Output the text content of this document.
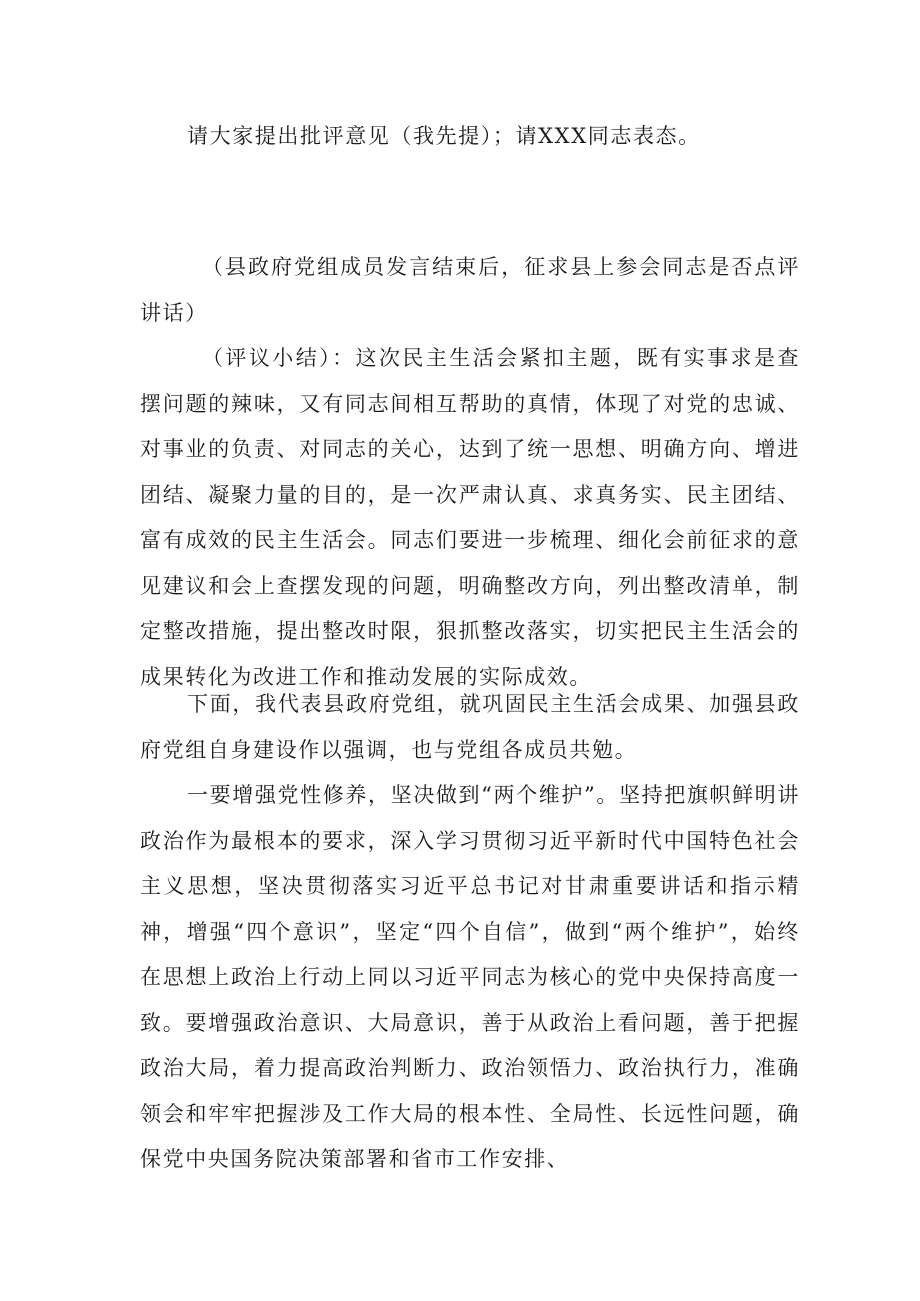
请大家提出批评意见（我先提）；请XXX同志表态。

（县政府党组成员发言结束后，征求县上参会同志是否点评讲话）

（评议小结）：这次民主生活会紧扣主题，既有实事求是查摆问题的辣味，又有同志间相互帮助的真情，体现了对党的忠诚、对事业的负责、对同志的关心，达到了统一思想、明确方向、增进团结、凝聚力量的目的，是一次严肃认真、求真务实、民主团结、富有成效的民主生活会。同志们要进一步梳理、细化会前征求的意见建议和会上查摆发现的问题，明确整改方向，列出整改清单，制定整改措施，提出整改时限，狠抓整改落实，切实把民主生活会的成果转化为改进工作和推动发展的实际成效。

下面，我代表县政府党组，就巩固民主生活会成果、加强县政府党组自身建设作以强调，也与党组各成员共勉。

一要增强党性修养，坚决做到“两个维护”。坚持把旗帜鲜明讲政治作为最根本的要求，深入学习贯彻习近平新时代中国特色社会主义思想，坚决贯彻落实习近平总书记对甘肃重要讲话和指示精神，增强“四个意识”，坚定“四个自信”，做到“两个维护”，始终在思想上政治上行动上同以习近平同志为核心的党中央保持高度一致。要增强政治意识、大局意识，善于从政治上看问题，善于把握政治大局，着力提高政治判断力、政治领悟力、政治执行力，准确领会和牢牢把握涉及工作大局的根本性、全局性、长远性问题，确保党中央国务院决策部署和省市工作安排、
